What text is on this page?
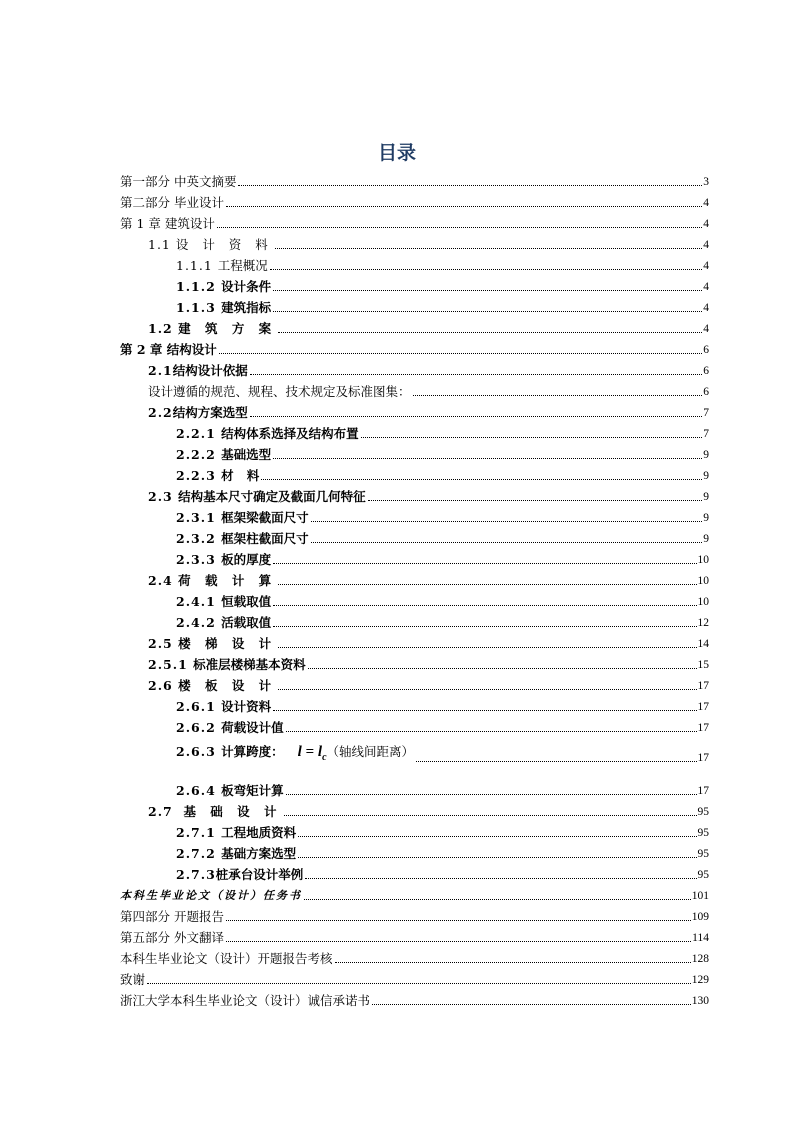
目录
第一部分 中英文摘要	3
第二部分 毕业设计	4
第 1 章 建筑设计	4
1.1 设 计 资 料	4
1.1.1 工程概况	4
1.1.2 设计条件	4
1.1.3 建筑指标	4
1.2 建 筑 方 案	4
第 2 章 结构设计	6
2.1结构设计依据	6
设计遵循的规范、规程、技术规定及标准图集：	6
2.2结构方案选型	7
2.2.1 结构体系选择及结构布置	7
2.2.2 基础选型	9
2.2.3 材   料	9
2.3 结构基本尺寸确定及截面几何特征	9
2.3.1 框架梁截面尺寸	9
2.3.2 框架柱截面尺寸	9
2.3.3 板的厚度	10
2.4 荷 载 计 算	10
2.4.1 恒载取值	10
2.4.2 活载取值	12
2.5 楼 梯 设 计	14
2.5.1 标准层楼梯基本资料	15
2.6 楼 板 设 计	17
2.6.1 设计资料	17
2.6.2 荷载设计值	17
2.6.3 计算跨度： $l = l_c$（轴线间距离）	17
2.6.4 板弯矩计算	17
2.7  基 础 设 计	95
2.7.1 工程地质资料	95
2.7.2 基础方案选型	95
2.7.3桩承台设计举例	95
本科生毕业论文（设计）任务书	101
第四部分 开题报告	109
第五部分 外文翻译	114
本科生毕业论文（设计）开题报告考核	128
致谢	129
浙江大学本科生毕业论文（设计）诚信承诺书	130
